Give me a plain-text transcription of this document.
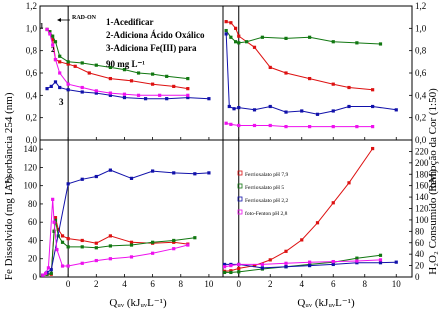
0,0
0,2
0,4
0,6
0,8
1,0
1,2
0,0
0,2
0,4
0,6
0,8
1,0
1,2
0
20
40
60
80
100
120
140
0	2	4	6	8 10
0
20
40
60
80
100
120
140
160
180
200
220
0	2	4	6	8	10
Absorbância 254 (nm)
Fe Dissolvido (mg L⁻¹)
Remoção da Cor (1:50)
H₂O₂ Consumido (mM)
Qᵤᵥ (kJᵤᵥL⁻¹)	Qᵤᵥ (kJᵤᵥL⁻¹)
RAD-ON 1-Acedificar
2-Adiciona Ácido Oxálico
3-Adiciona Fe(III) para
90 mg L⁻¹
1
2
3
Ferrioxalato pH 7,9
Ferrioxalato pH 5
Ferrioxalato pH 2,2
foto-Fenton pH 2,8
